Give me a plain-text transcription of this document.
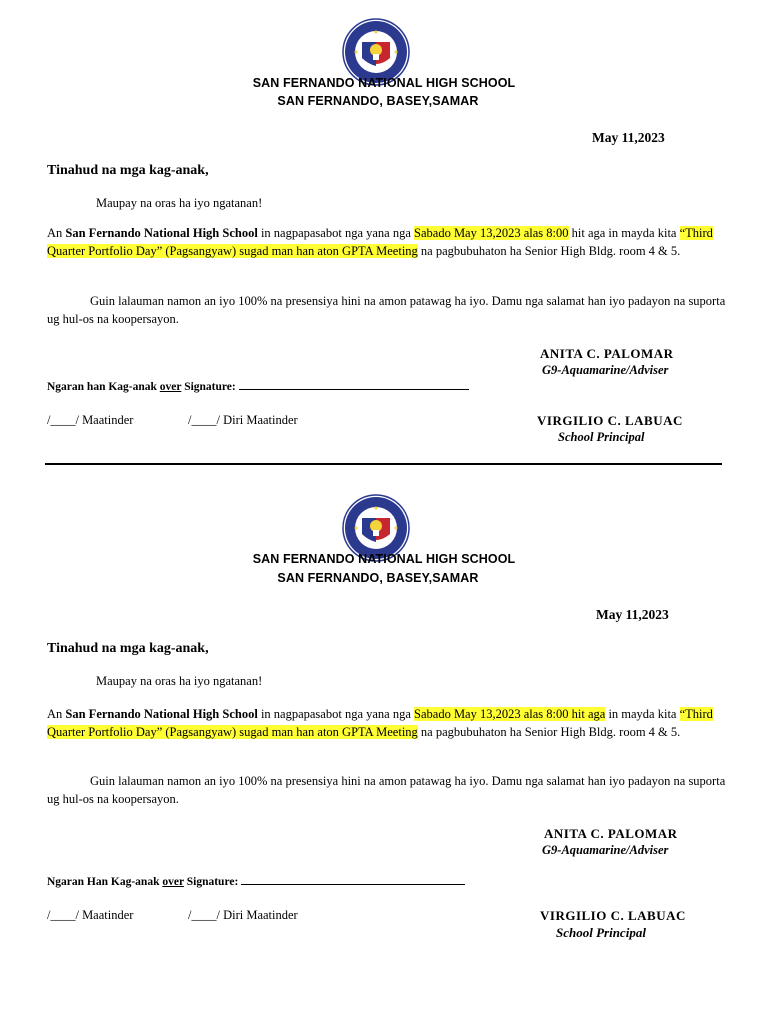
SAN FERNANDO NATIONAL HIGH SCHOOL
SAN FERNANDO, BASEY,SAMAR
May 11,2023
Tinahud na mga kag-anak,
Maupay na oras ha iyo ngatanan!
An San Fernando National High School in nagpapasabot nga yana nga Sabado May 13,2023 alas 8:00 hit aga in mayda kita “Third Quarter Portfolio Day” (Pagsangyaw) sugad man han aton GPTA Meeting na pagbubuhaton ha Senior High Bldg. room 4 & 5.
Guin lalauman namon an iyo 100% na presensiya hini na amon patawag ha iyo. Damu nga salamat han iyo padayon na suporta ug hul-os na koopersayon.
ANITA C. PALOMAR
G9-Aquamarine/Adviser
Ngaran han Kag-anak over Signature:
/____/ Maatinder	/____/ Diri Maatinder	VIRGILIO C. LABUAC
School Principal
SAN FERNANDO NATIONAL HIGH SCHOOL
SAN FERNANDO, BASEY,SAMAR
May 11,2023
Tinahud na mga kag-anak,
Maupay na oras ha iyo ngatanan!
An San Fernando National High School in nagpapasabot nga yana nga Sabado May 13,2023 alas 8:00 hit aga in mayda kita “Third Quarter Portfolio Day” (Pagsangyaw) sugad man han aton GPTA Meeting na pagbubuhaton ha Senior High Bldg. room 4 & 5.
Guin lalauman namon an iyo 100% na presensiya hini na amon patawag ha iyo. Damu nga salamat han iyo padayon na suporta ug hul-os na koopersayon.
ANITA C. PALOMAR
G9-Aquamarine/Adviser
Ngaran Han Kag-anak over Signature:
/____/ Maatinder	/____/ Diri Maatinder	VIRGILIO C. LABUAC
School Principal
